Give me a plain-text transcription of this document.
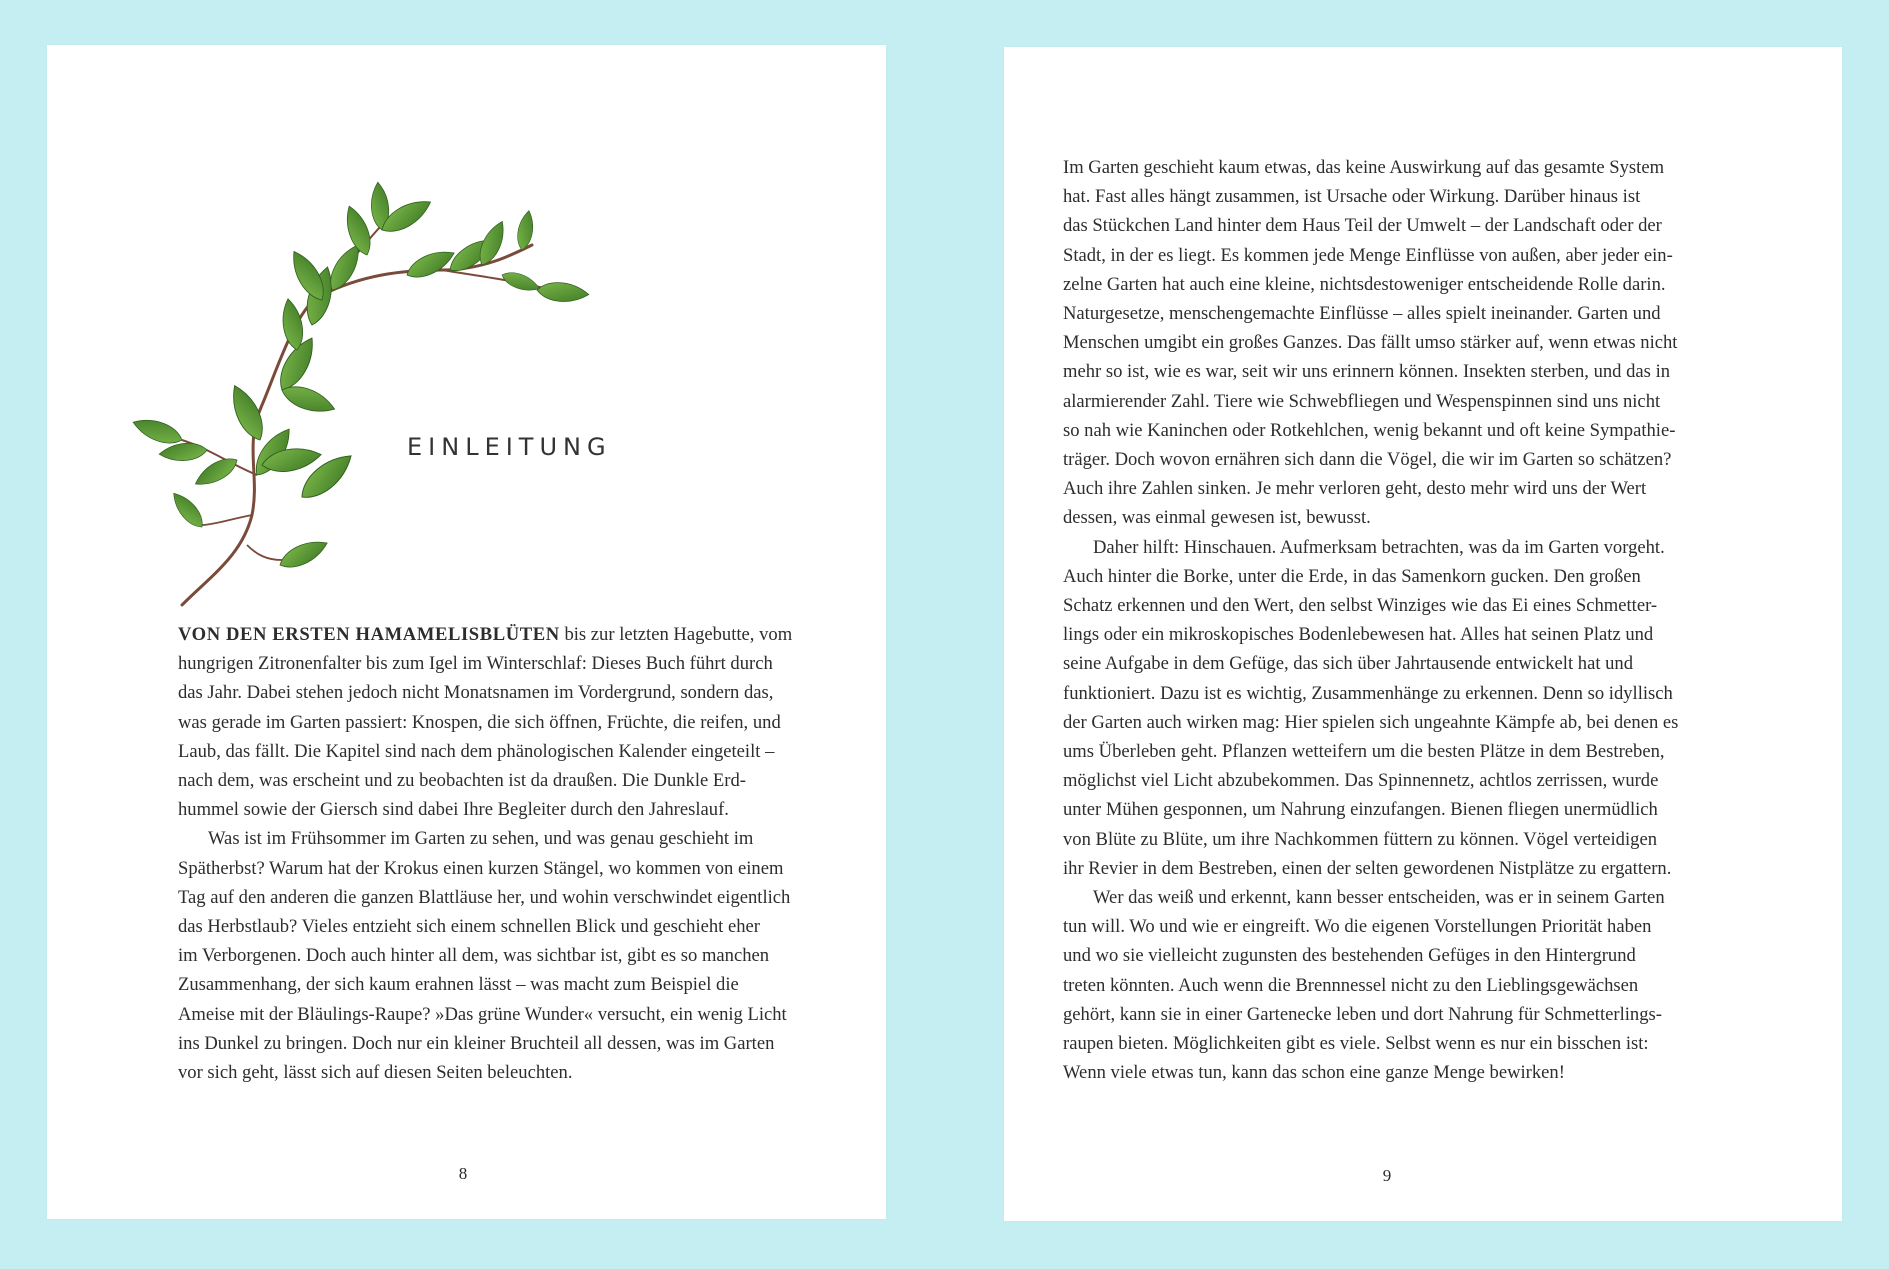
EINLEITUNG
VON DEN ERSTEN HAMAMELISBLÜTEN bis zur letzten Hagebutte, vom
hungrigen Zitronenfalter bis zum Igel im Winterschlaf: Dieses Buch führt durch
das Jahr. Dabei stehen jedoch nicht Monatsnamen im Vordergrund, sondern das,
was gerade im Garten passiert: Knospen, die sich öffnen, Früchte, die reifen, und
Laub, das fällt. Die Kapitel sind nach dem phänologischen Kalender eingeteilt –
nach dem, was erscheint und zu beobachten ist da draußen. Die Dunkle Erd-
hummel sowie der Giersch sind dabei Ihre Begleiter durch den Jahreslauf.
Was ist im Frühsommer im Garten zu sehen, und was genau geschieht im
Spätherbst? Warum hat der Krokus einen kurzen Stängel, wo kommen von einem
Tag auf den anderen die ganzen Blattläuse her, und wohin verschwindet eigentlich
das Herbstlaub? Vieles entzieht sich einem schnellen Blick und geschieht eher
im Verborgenen. Doch auch hinter all dem, was sichtbar ist, gibt es so manchen
Zusammenhang, der sich kaum erahnen lässt – was macht zum Beispiel die
Ameise mit der Bläulings-Raupe? »Das grüne Wunder« versucht, ein wenig Licht
ins Dunkel zu bringen. Doch nur ein kleiner Bruchteil all dessen, was im Garten
vor sich geht, lässt sich auf diesen Seiten beleuchten.
8
Im Garten geschieht kaum etwas, das keine Auswirkung auf das gesamte System
hat. Fast alles hängt zusammen, ist Ursache oder Wirkung. Darüber hinaus ist
das Stückchen Land hinter dem Haus Teil der Umwelt – der Landschaft oder der
Stadt, in der es liegt. Es kommen jede Menge Einflüsse von außen, aber jeder ein-
zelne Garten hat auch eine kleine, nichtsdestoweniger entscheidende Rolle darin.
Naturgesetze, menschengemachte Einflüsse – alles spielt ineinander. Garten und
Menschen umgibt ein großes Ganzes. Das fällt umso stärker auf, wenn etwas nicht
mehr so ist, wie es war, seit wir uns erinnern können. Insekten sterben, und das in
alarmierender Zahl. Tiere wie Schwebfliegen und Wespenspinnen sind uns nicht
so nah wie Kaninchen oder Rotkehlchen, wenig bekannt und oft keine Sympathie-
träger. Doch wovon ernähren sich dann die Vögel, die wir im Garten so schätzen?
Auch ihre Zahlen sinken. Je mehr verloren geht, desto mehr wird uns der Wert
dessen, was einmal gewesen ist, bewusst.
Daher hilft: Hinschauen. Aufmerksam betrachten, was da im Garten vorgeht.
Auch hinter die Borke, unter die Erde, in das Samenkorn gucken. Den großen
Schatz erkennen und den Wert, den selbst Winziges wie das Ei eines Schmetter-
lings oder ein mikroskopisches Bodenlebewesen hat. Alles hat seinen Platz und
seine Aufgabe in dem Gefüge, das sich über Jahrtausende entwickelt hat und
funktioniert. Dazu ist es wichtig, Zusammenhänge zu erkennen. Denn so idyllisch
der Garten auch wirken mag: Hier spielen sich ungeahnte Kämpfe ab, bei denen es
ums Überleben geht. Pflanzen wetteifern um die besten Plätze in dem Bestreben,
möglichst viel Licht abzubekommen. Das Spinnennetz, achtlos zerrissen, wurde
unter Mühen gesponnen, um Nahrung einzufangen. Bienen fliegen unermüdlich
von Blüte zu Blüte, um ihre Nachkommen füttern zu können. Vögel verteidigen
ihr Revier in dem Bestreben, einen der selten gewordenen Nistplätze zu ergattern.
Wer das weiß und erkennt, kann besser entscheiden, was er in seinem Garten
tun will. Wo und wie er eingreift. Wo die eigenen Vorstellungen Priorität haben
und wo sie vielleicht zugunsten des bestehenden Gefüges in den Hintergrund
treten könnten. Auch wenn die Brennnessel nicht zu den Lieblingsgewächsen
gehört, kann sie in einer Gartenecke leben und dort Nahrung für Schmetterlings-
raupen bieten. Möglichkeiten gibt es viele. Selbst wenn es nur ein bisschen ist:
Wenn viele etwas tun, kann das schon eine ganze Menge bewirken!
9
